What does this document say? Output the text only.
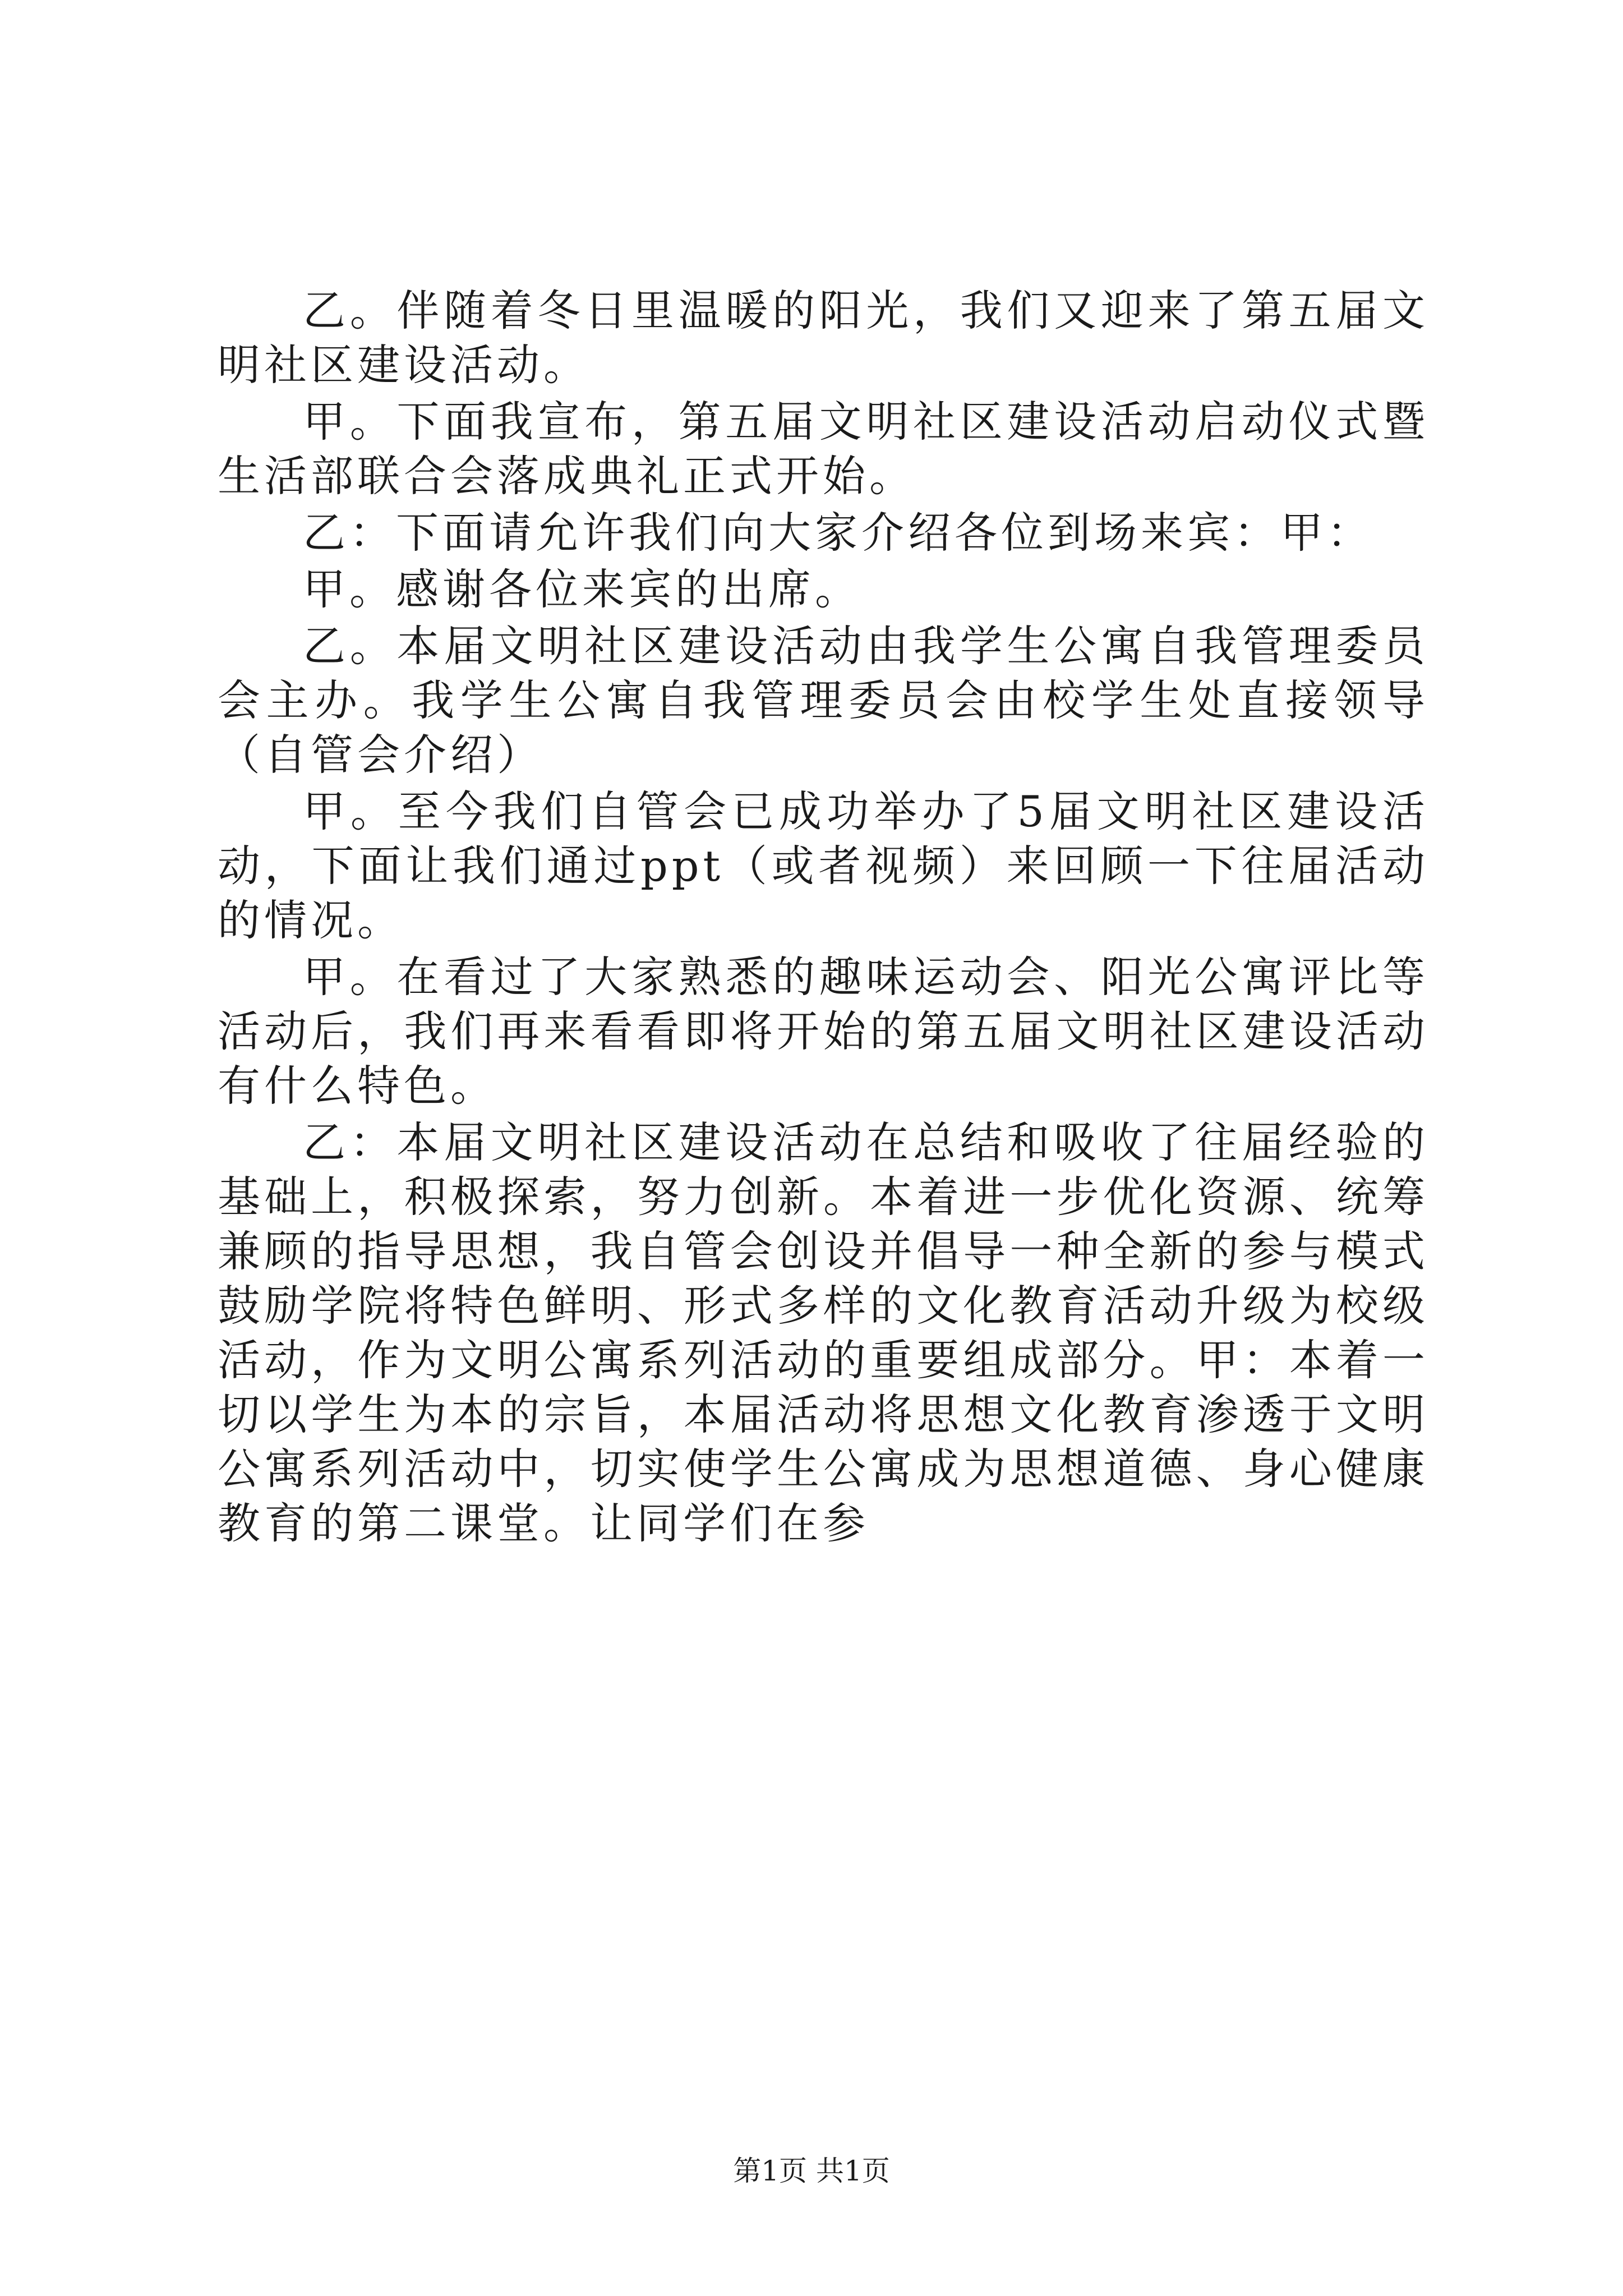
乙。伴随着冬日里温暖的阳光，我们又迎来了第五届文明社区建设活动。

甲。下面我宣布，第五届文明社区建设活动启动仪式暨生活部联合会落成典礼正式开始。

乙：下面请允许我们向大家介绍各位到场来宾：甲：

甲。感谢各位来宾的出席。

乙。本届文明社区建设活动由我学生公寓自我管理委员会主办。我学生公寓自我管理委员会由校学生处直接领导（自管会介绍）

甲。至今我们自管会已成功举办了5届文明社区建设活动，下面让我们通过ppt（或者视频）来回顾一下往届活动的情况。

甲。在看过了大家熟悉的趣味运动会、阳光公寓评比等活动后，我们再来看看即将开始的第五届文明社区建设活动有什么特色。

乙：本届文明社区建设活动在总结和吸收了往届经验的基础上，积极探索，努力创新。本着进一步优化资源、统筹兼顾的指导思想，我自管会创设并倡导一种全新的参与模式鼓励学院将特色鲜明、形式多样的文化教育活动升级为校级活动，作为文明公寓系列活动的重要组成部分。甲：本着一切以学生为本的宗旨，本届活动将思想文化教育渗透于文明公寓系列活动中，切实使学生公寓成为思想道德、身心健康教育的第二课堂。让同学们在参

第1页 共1页
